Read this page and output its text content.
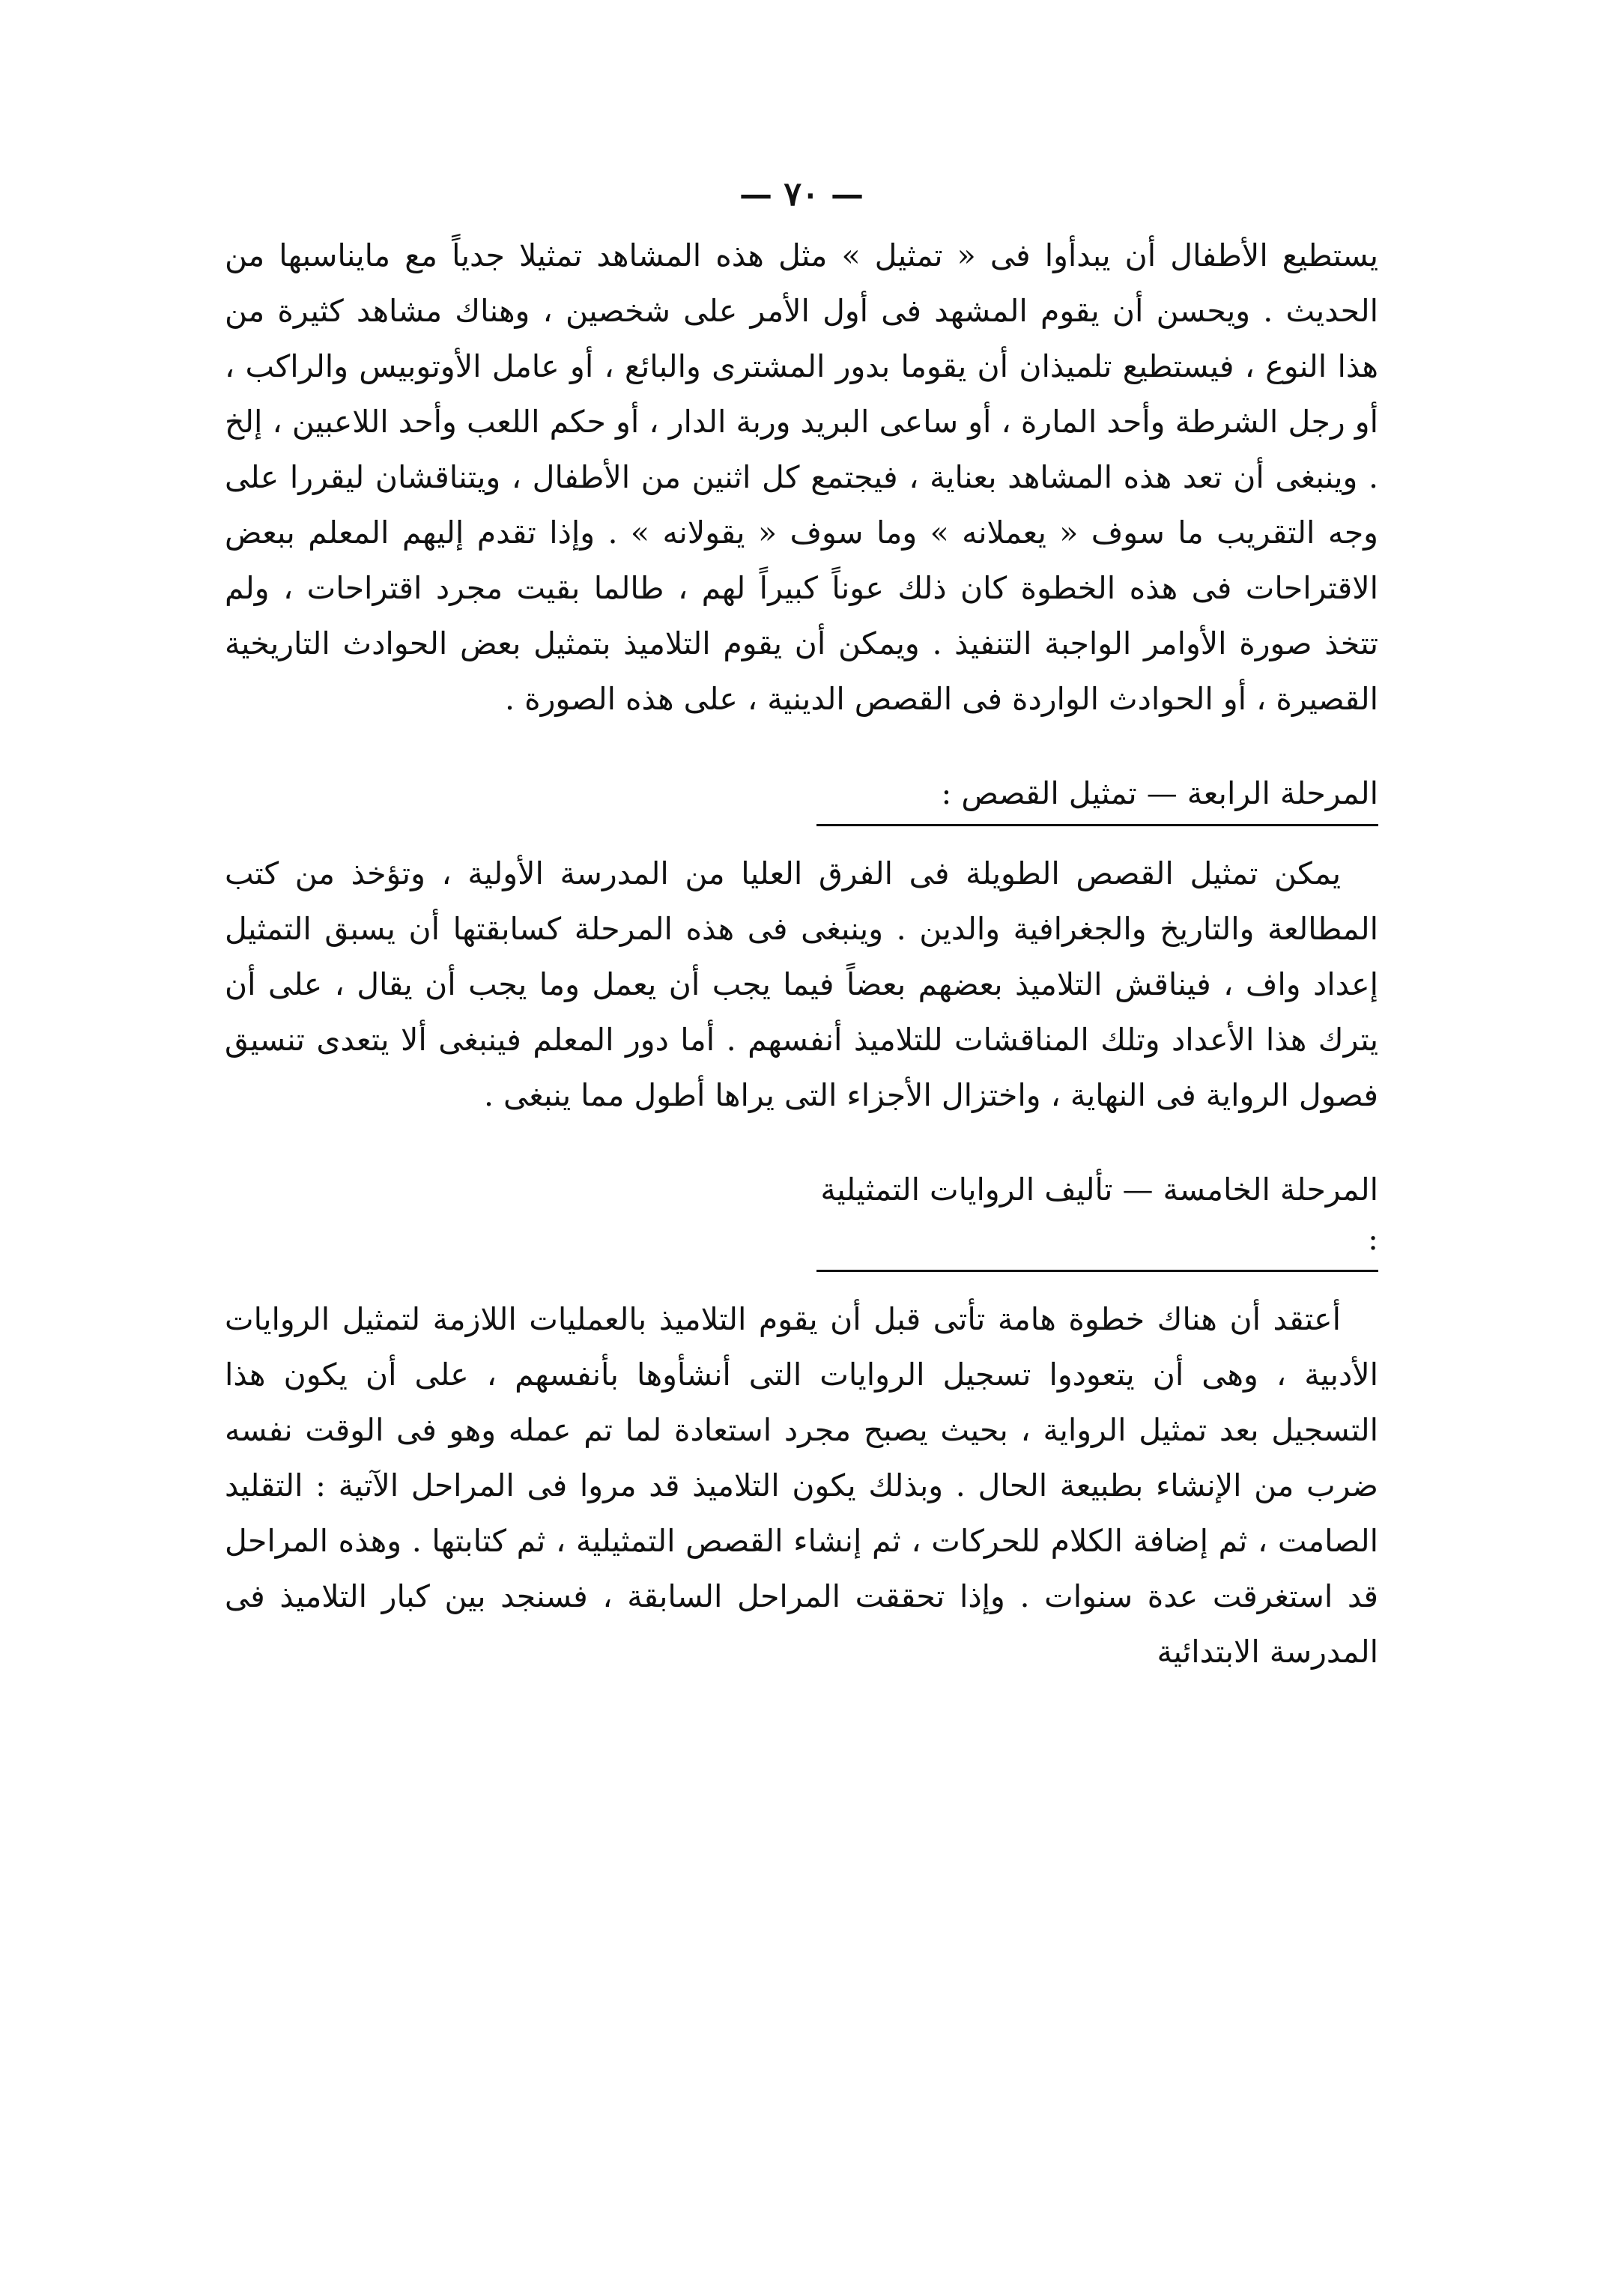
— ٧٠ —

يستطيع الأطفال أن يبدأوا فى « تمثيل » مثل هذه المشاهد تمثيلا جدياً مع مايناسبها من الحديث . ويحسن أن يقوم المشهد فى أول الأمر على شخصين ، وهناك مشاهد كثيرة من هذا النوع ، فيستطيع تلميذان أن يقوما بدور المشترى والبائع ، أو عامل الأوتوبيس والراكب ، أو رجل الشرطة وأحد المارة ، أو ساعى البريد وربة الدار ، أو حكم اللعب وأحد اللاعبين ، إلخ . وينبغى أن تعد هذه المشاهد بعناية ، فيجتمع كل اثنين من الأطفال ، ويتناقشان ليقررا على وجه التقريب ما سوف « يعملانه » وما سوف « يقولانه » . وإذا تقدم إليهم المعلم ببعض الاقتراحات فى هذه الخطوة كان ذلك عوناً كبيراً لهم ، طالما بقيت مجرد اقتراحات ، ولم تتخذ صورة الأوامر الواجبة التنفيذ . ويمكن أن يقوم التلاميذ بتمثيل بعض الحوادث التاريخية القصيرة ، أو الحوادث الواردة فى القصص الدينية ، على هذه الصورة .

المرحلة الرابعة — تمثيل القصص :

يمكن تمثيل القصص الطويلة فى الفرق العليا من المدرسة الأولية ، وتؤخذ من كتب المطالعة والتاريخ والجغرافية والدين . وينبغى فى هذه المرحلة كسابقتها أن يسبق التمثيل إعداد واف ، فيناقش التلاميذ بعضهم بعضاً فيما يجب أن يعمل وما يجب أن يقال ، على أن يترك هذا الأعداد وتلك المناقشات للتلاميذ أنفسهم . أما دور المعلم فينبغى ألا يتعدى تنسيق فصول الرواية فى النهاية ، واختزال الأجزاء التى يراها أطول مما ينبغى .

المرحلة الخامسة — تأليف الروايات التمثيلية :

أعتقد أن هناك خطوة هامة تأتى قبل أن يقوم التلاميذ بالعمليات اللازمة لتمثيل الروايات الأدبية ، وهى أن يتعودوا تسجيل الروايات التى أنشأوها بأنفسهم ، على أن يكون هذا التسجيل بعد تمثيل الرواية ، بحيث يصبح مجرد استعادة لما تم عمله وهو فى الوقت نفسه ضرب من الإنشاء بطبيعة الحال . وبذلك يكون التلاميذ قد مروا فى المراحل الآتية : التقليد الصامت ، ثم إضافة الكلام للحركات ، ثم إنشاء القصص التمثيلية ، ثم كتابتها . وهذه المراحل قد استغرقت عدة سنوات . وإذا تحققت المراحل السابقة ، فسنجد بين كبار التلاميذ فى المدرسة الابتدائية
